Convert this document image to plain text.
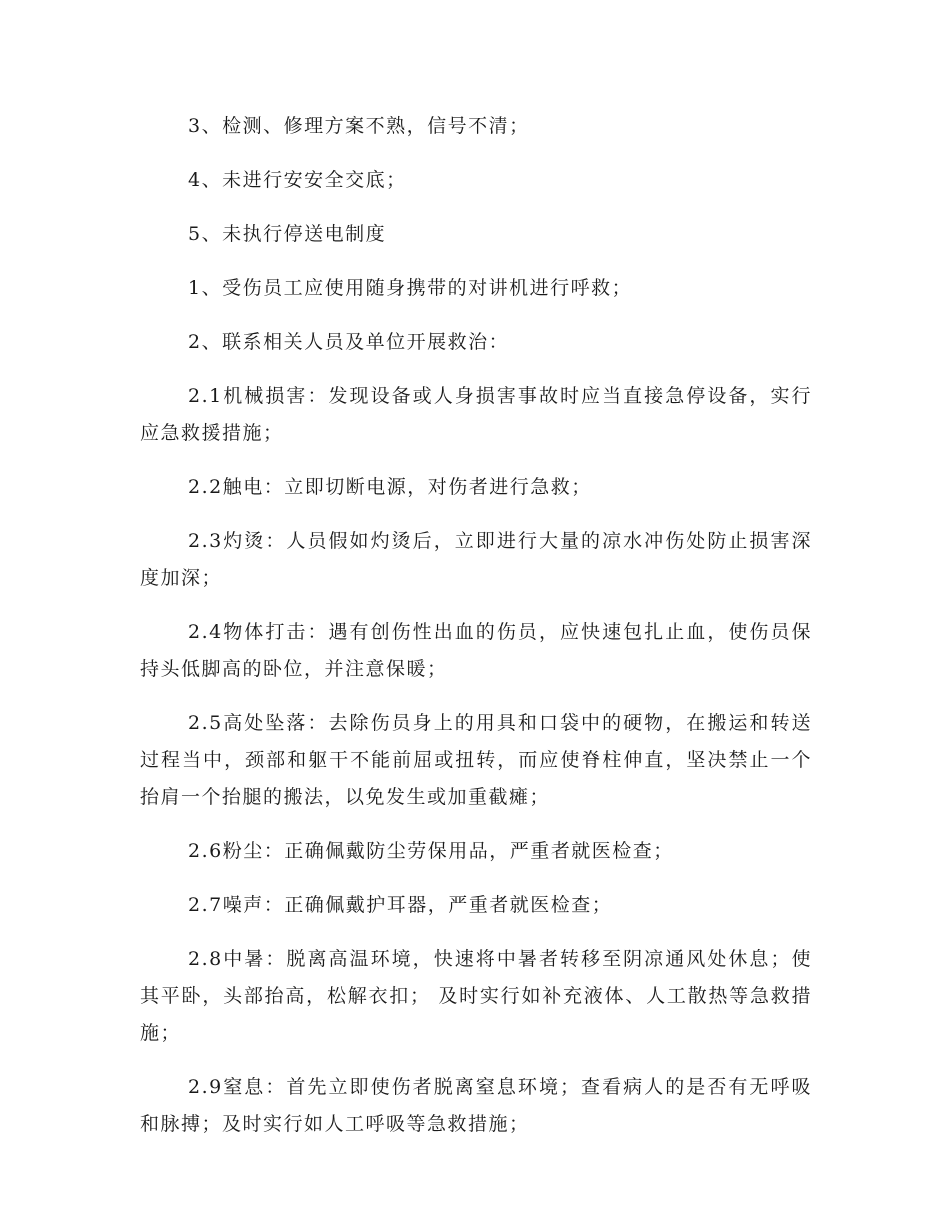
3、检测、修理方案不熟，信号不清；

4、未进行安安全交底；

5、未执行停送电制度

1、受伤员工应使用随身携带的对讲机进行呼救；

2、联系相关人员及单位开展救治：

2.1机械损害：发现设备或人身损害事故时应当直接急停设备，实行应急救援措施；

2.2触电：立即切断电源，对伤者进行急救；

2.3灼烫：人员假如灼烫后，立即进行大量的凉水冲伤处防止损害深度加深；

2.4物体打击：遇有创伤性出血的伤员，应快速包扎止血，使伤员保持头低脚高的卧位，并注意保暖；

2.5高处坠落：去除伤员身上的用具和口袋中的硬物，在搬运和转送过程当中，颈部和躯干不能前屈或扭转，而应使脊柱伸直，坚决禁止一个抬肩一个抬腿的搬法，以免发生或加重截瘫；

2.6粉尘：正确佩戴防尘劳保用品，严重者就医检查；

2.7噪声：正确佩戴护耳器，严重者就医检查；

2.8中暑：脱离高温环境，快速将中暑者转移至阴凉通风处休息；使其平卧，头部抬高，松解衣扣； 及时实行如补充液体、人工散热等急救措施；

2.9窒息：首先立即使伤者脱离窒息环境；查看病人的是否有无呼吸和脉搏；及时实行如人工呼吸等急救措施；
